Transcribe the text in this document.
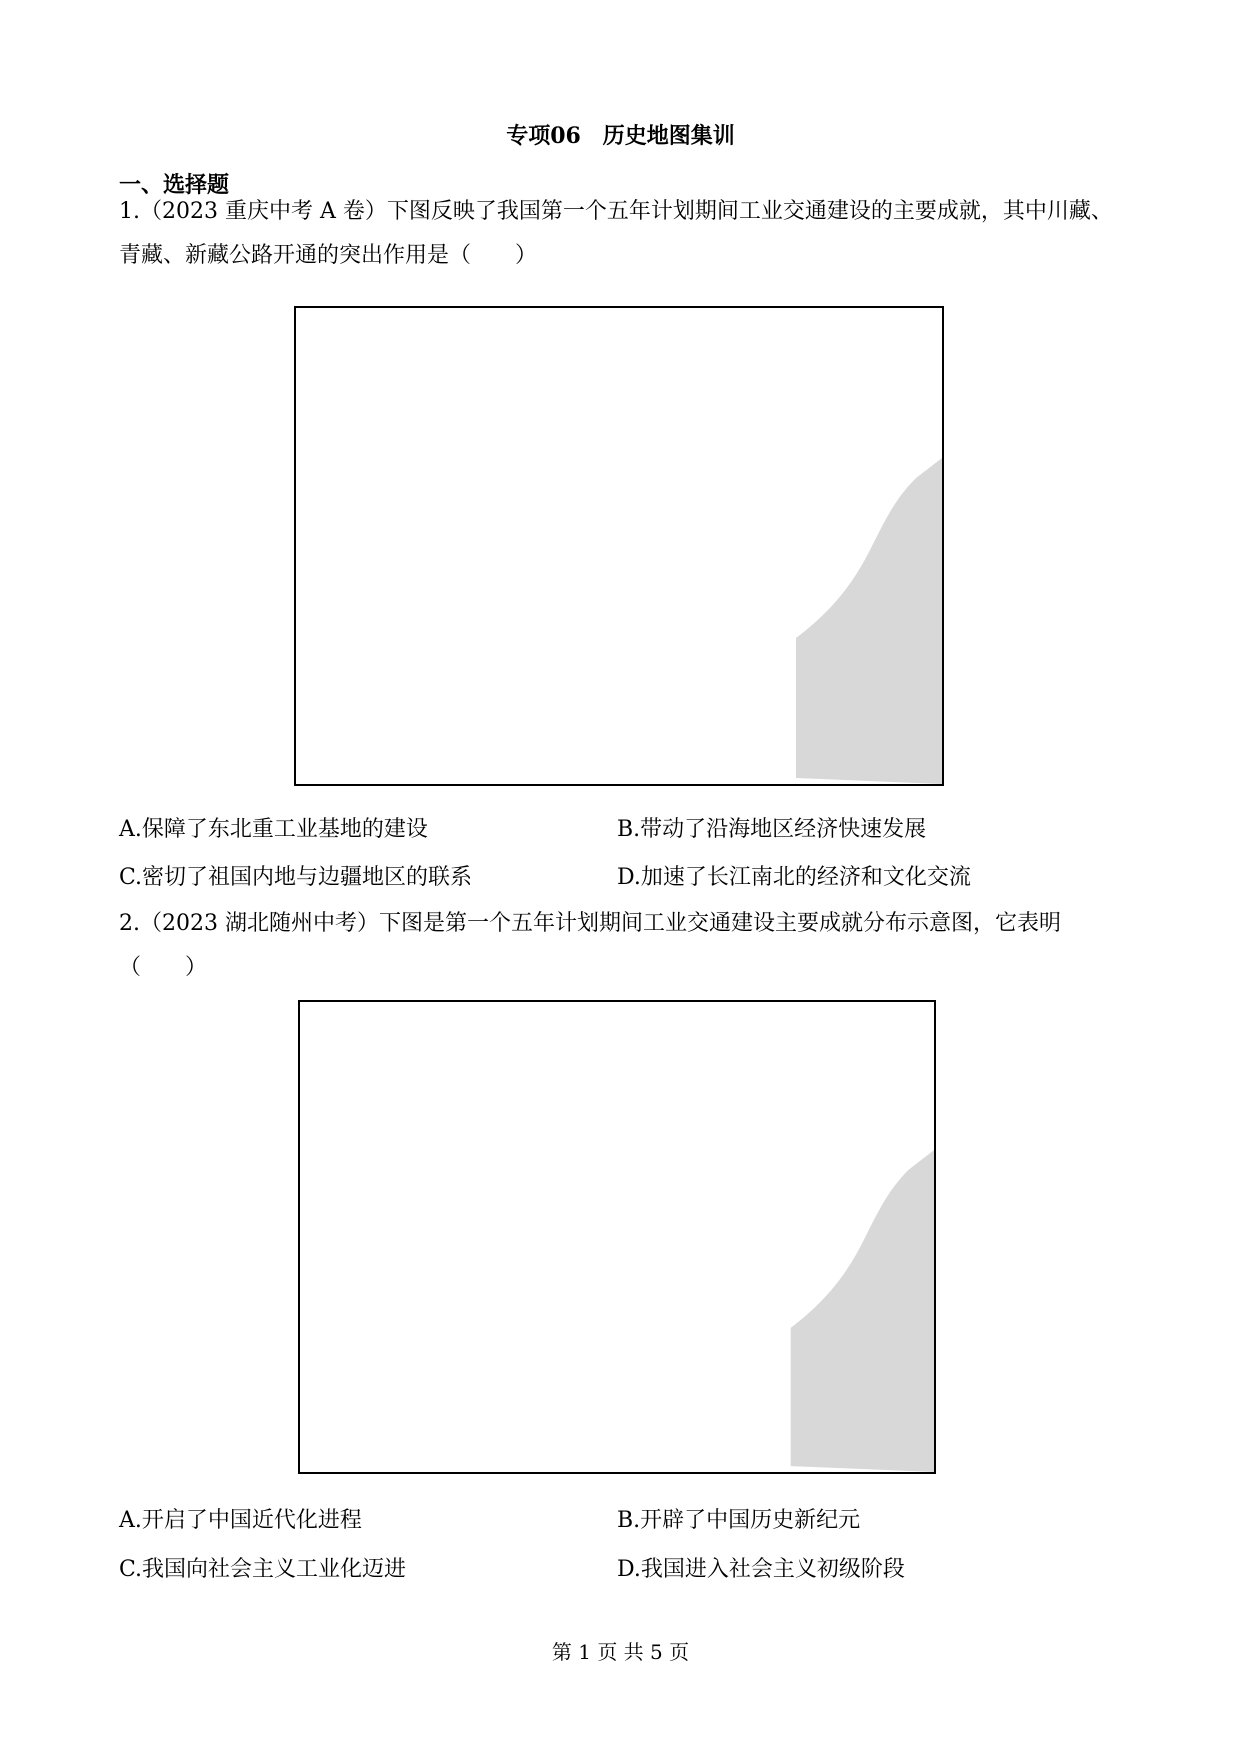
专项06　历史地图集训
一、选择题
1.（2023 重庆中考 A 卷）下图反映了我国第一个五年计划期间工业交通建设的主要成就，其中川藏、青藏、新藏公路开通的突出作用是（　　）
A.保障了东北重工业基地的建设	B.带动了沿海地区经济快速发展
C.密切了祖国内地与边疆地区的联系	D.加速了长江南北的经济和文化交流
2.（2023 湖北随州中考）下图是第一个五年计划期间工业交通建设主要成就分布示意图，它表明（　　）
A.开启了中国近代化进程	B.开辟了中国历史新纪元
C.我国向社会主义工业化迈进	D.我国进入社会主义初级阶段
第 1 页 共 5 页
